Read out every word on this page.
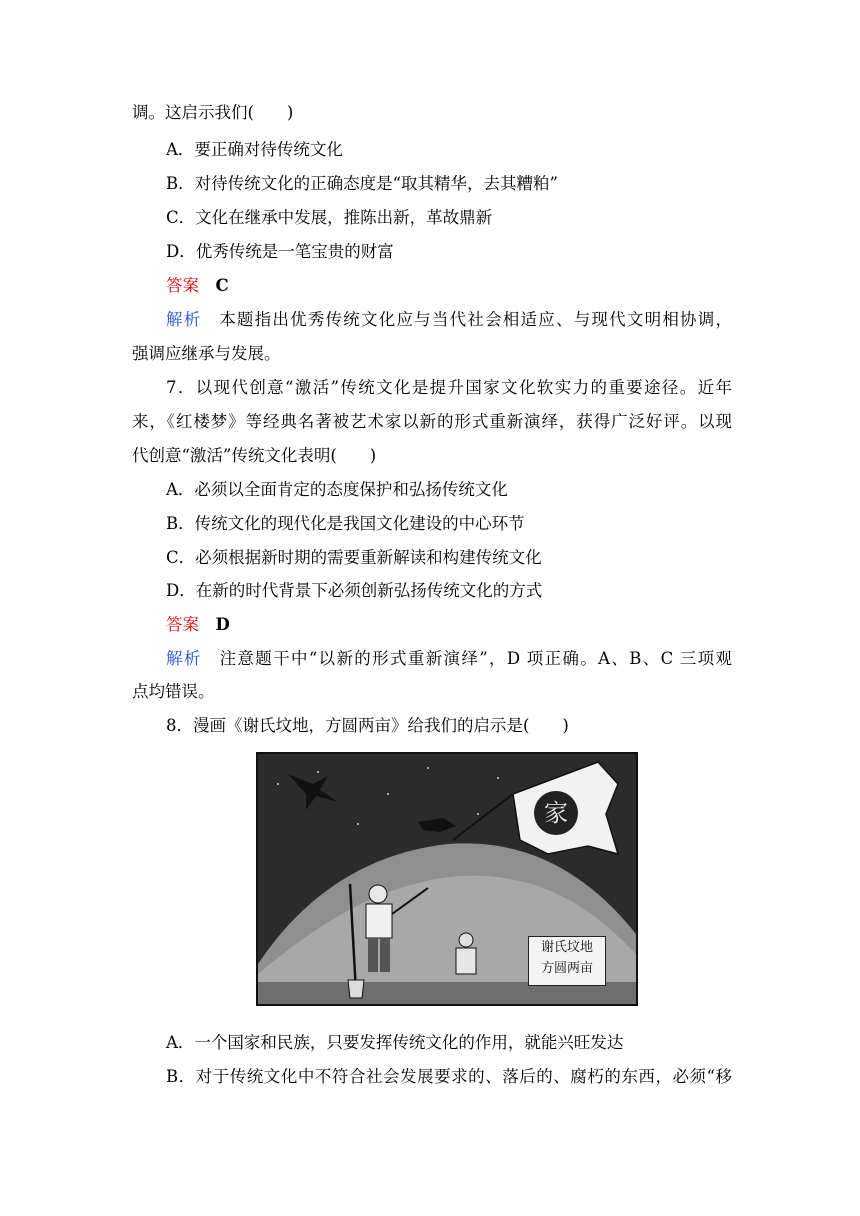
调。这启示我们(　　)
A．要正确对待传统文化
B．对待传统文化的正确态度是“取其精华，去其糟粕”
C．文化在继承中发展，推陈出新，革故鼎新
D．优秀传统是一笔宝贵的财富
答案　 C
解析　 本题指出优秀传统文化应与当代社会相适应、与现代文明相协调，
强调应继承与发展。
7．以现代创意“激活”传统文化是提升国家文化软实力的重要途径。近年
来，《红楼梦》等经典名著被艺术家以新的形式重新演绎，获得广泛好评。以现
代创意“激活”传统文化表明(　　)
A．必须以全面肯定的态度保护和弘扬传统文化
B．传统文化的现代化是我国文化建设的中心环节
C．必须根据新时期的需要重新解读和构建传统文化
D．在新的时代背景下必须创新弘扬传统文化的方式
答案　 D
解析　 注意题干中“以新的形式重新演绎”，D 项正确。A、B、C 三项观
点均错误。
8．漫画《谢氏坟地，方圆两亩》给我们的启示是(　　)
家
谢氏坟地
方圆两亩
A．一个国家和民族，只要发挥传统文化的作用，就能兴旺发达
B．对于传统文化中不符合社会发展要求的、落后的、腐朽的东西，必须“移
